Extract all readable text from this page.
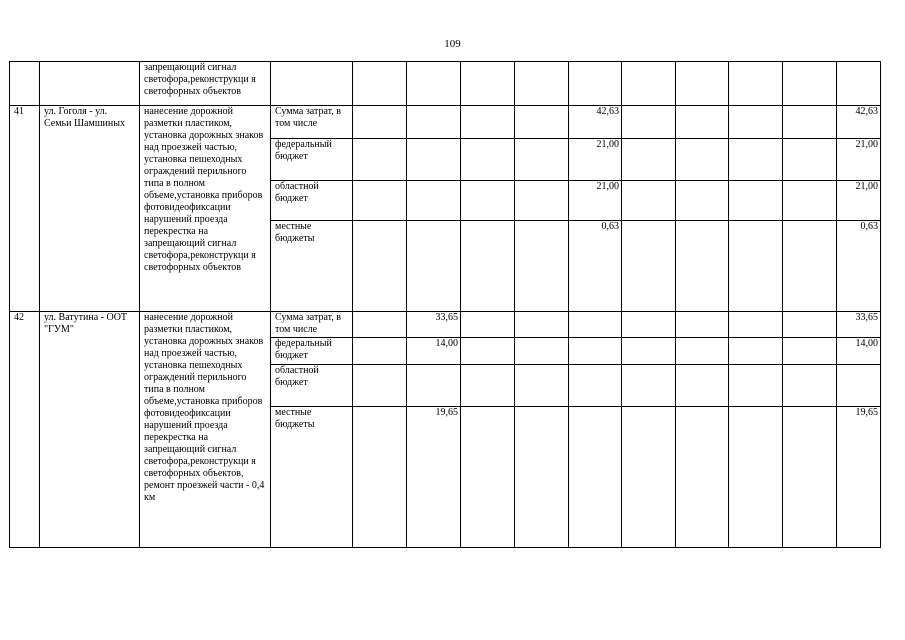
109
		запрещающий сигнал светофора,реконструкци я светофорных объектов											
41	ул. Гоголя - ул. Семьи Шамшиных	нанесение дорожной разметки пластиком, установка дорожных знаков над проезжей частью, установка пешеходных ограждений перильного типа в полном объеме,установка приборов фотовидеофиксации нарушений проезда перекрестка на запрещающий сигнал светофора,реконструкци я светофорных объектов	Сумма затрат, в том числе					42,63					42,63
			федеральный бюджет					21,00					21,00
			областной бюджет					21,00					21,00
			местные бюджеты					0,63					0,63
42	ул. Ватутина - ООТ "ГУМ"	нанесение дорожной разметки пластиком, установка дорожных знаков над проезжей частью, установка пешеходных ограждений перильного типа в полном объеме,установка приборов фотовидеофиксации нарушений проезда перекрестка на запрещающий сигнал светофора,реконструкци я светофорных объектов, ремонт проезжей части - 0,4 км	Сумма затрат, в том числе		33,65								33,65
			федеральный бюджет		14,00								14,00
			областной бюджет										
			местные бюджеты		19,65								19,65
